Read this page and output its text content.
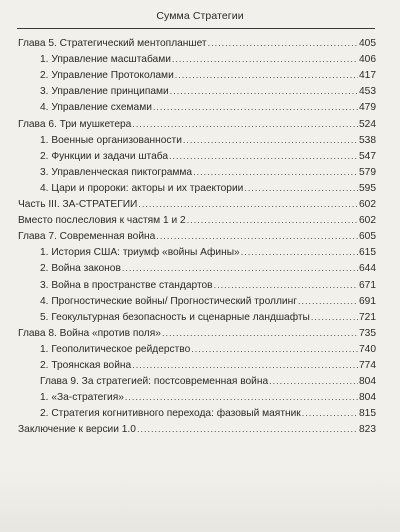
Сумма Стратегии
Глава 5. Стратегический ментопланшет .....	405
1. Управление масштабами .....	406
2. Управление Протоколами .....	417
3. Управление принципами .....	453
4. Управление схемами .....	479
Глава 6. Три мушкетера .....	524
1. Военные организованности .....	538
2. Функции и задачи штаба .....	547
3. Управленческая пиктограмма .....	579
4. Цари и пророки: акторы и их траектории .....	595
Часть III. ЗА-СТРАТЕГИИ .....	602
Вместо послесловия к частям 1 и 2 .....	602
Глава 7. Современная война .....	605
1. История США: триумф «войны Афины» .....	615
2. Война законов .....	644
3. Война в пространстве стандартов .....	671
4. Прогностические войны/ Прогностический троллинг .....	691
5. Геокультурная безопасность и сценарные ландшафты .....	721
Глава 8. Война «против поля» .....	735
1. Геополитическое рейдерство .....	740
2. Троянская война .....	774
Глава 9. За стратегией: постсовременная война .....	804
1. «За-стратегия» .....	804
2. Стратегия когнитивного перехода: фазовый маятник .....	815
Заключение к версии 1.0 .....	823
